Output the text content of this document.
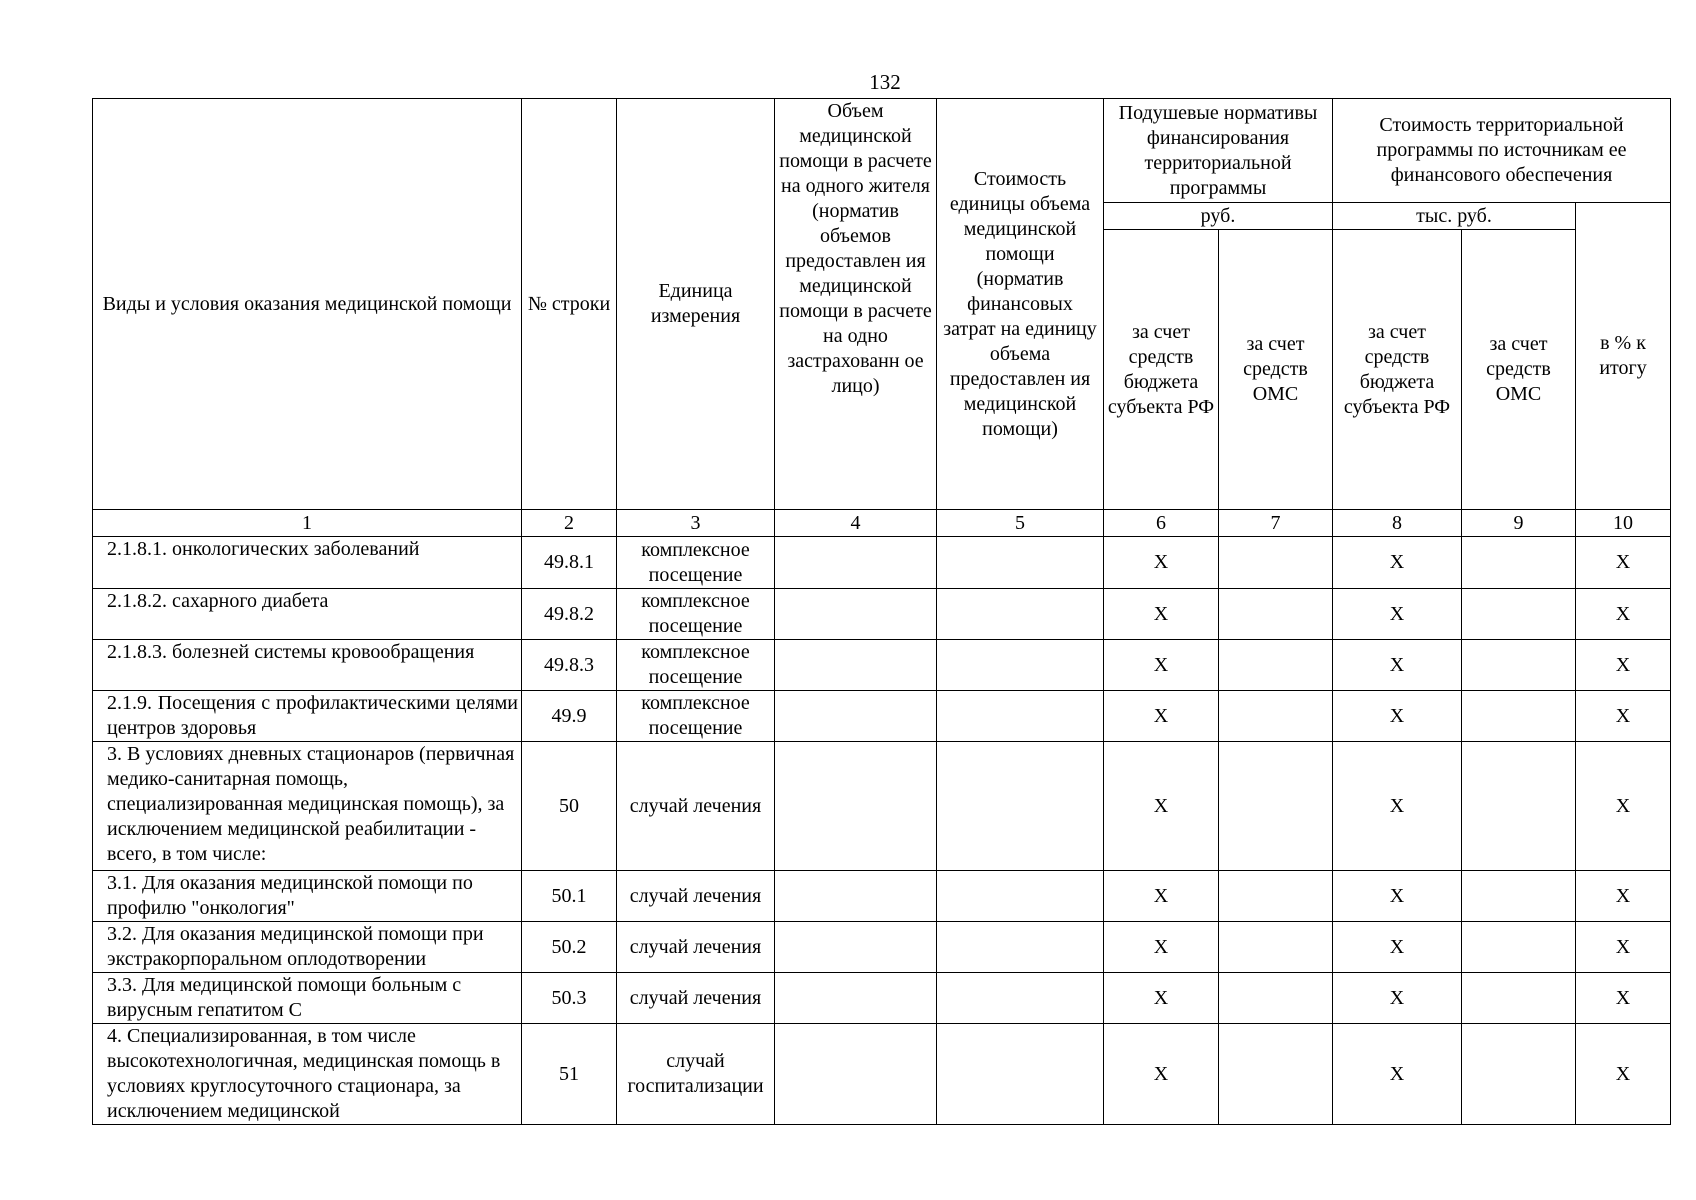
132
Виды и условия оказания медицинской помощи	№ строки	Единица измерения	Объем медицинской помощи в расчете на одного жителя (норматив объемов предоставлен ия медицинской помощи в расчете на одно застрахованн ое лицо)	Стоимость единицы объема медицинской помощи (норматив финансовых затрат на единицу объема предоставлен ия медицинской помощи)	Подушевые нормативы финансирования территориальной программы		Стоимость территориальной программы по источникам ее финансового обеспечения		
					руб.		тыс. руб.		в % к итогу
					за счет средств бюджета субъекта РФ	за счет средств ОМС	за счет средств бюджета субъекта РФ	за счет средств ОМС	
1	2	3	4	5	6	7	8	9	10
2.1.8.1. онкологических заболеваний	49.8.1	комплексное посещение			X		X		X
2.1.8.2. сахарного диабета	49.8.2	комплексное посещение			X		X		X
2.1.8.3. болезней системы кровообращения	49.8.3	комплексное посещение			X		X		X
2.1.9. Посещения с профилактическими целями центров здоровья	49.9	комплексное посещение			X		X		X
3. В условиях дневных стационаров (первичная медико-санитарная помощь, специализированная медицинская помощь), за исключением медицинской реабилитации - всего, в том числе:	50	случай лечения			X		X		X
3.1. Для оказания медицинской помощи по профилю "онкология"	50.1	случай лечения			X		X		X
3.2. Для оказания медицинской помощи при экстракорпоральном оплодотворении	50.2	случай лечения			X		X		X
3.3. Для медицинской помощи больным с вирусным гепатитом С	50.3	случай лечения			X		X		X
4. Специализированная, в том числе высокотехнологичная, медицинская помощь в условиях круглосуточного стационара, за исключением медицинской	51	случай госпитализации			X		X		X
